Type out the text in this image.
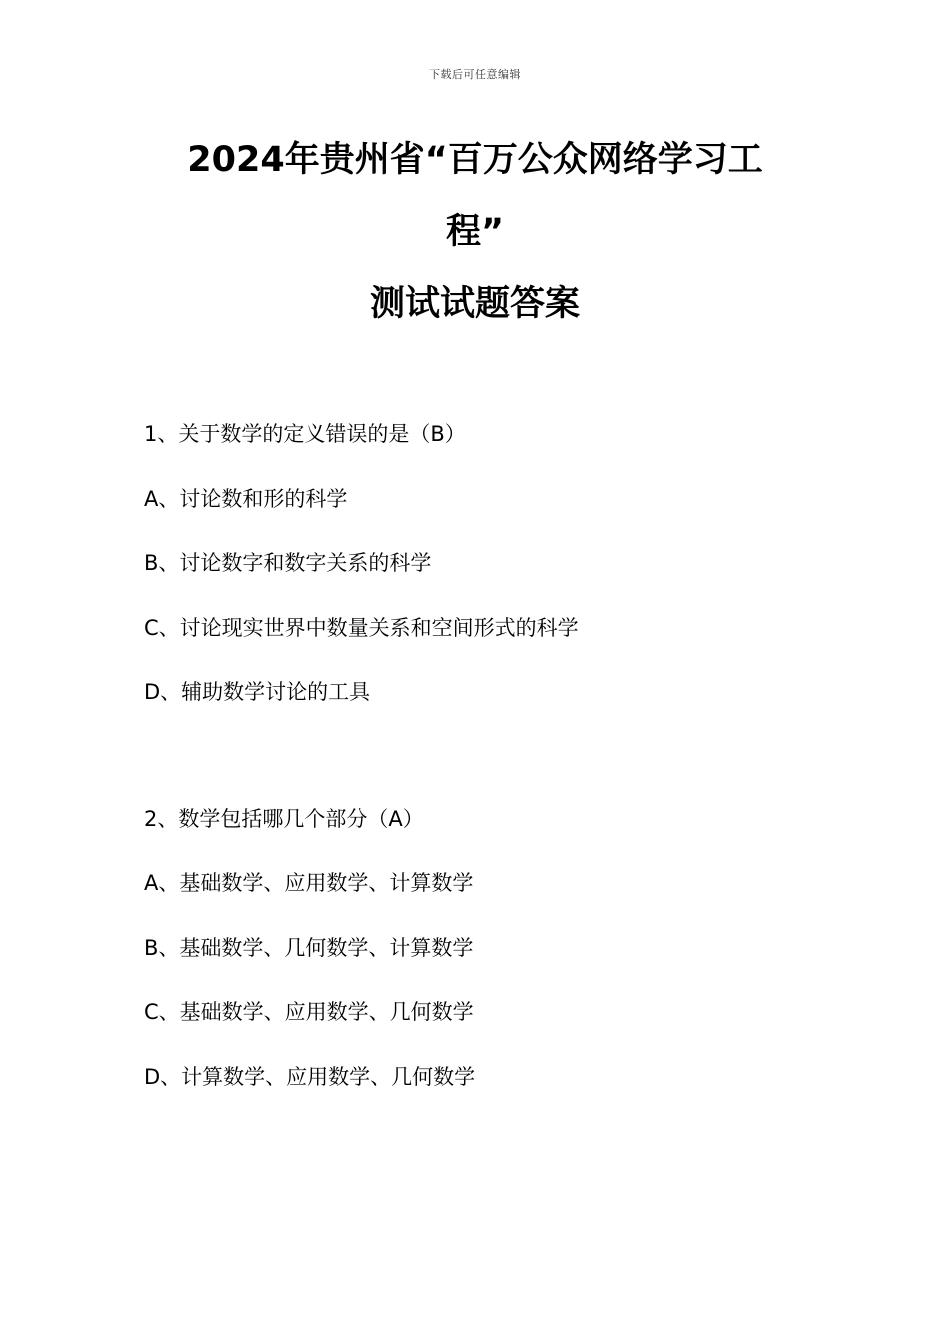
下载后可任意编辑
2024年贵州省“百万公众网络学习工
程”
测试试题答案
1、关于数学的定义错误的是（B）
A、讨论数和形的科学
B、讨论数字和数字关系的科学
C、讨论现实世界中数量关系和空间形式的科学
D、辅助数学讨论的工具
2、数学包括哪几个部分（A）
A、基础数学、应用数学、计算数学
B、基础数学、几何数学、计算数学
C、基础数学、应用数学、几何数学
D、计算数学、应用数学、几何数学
